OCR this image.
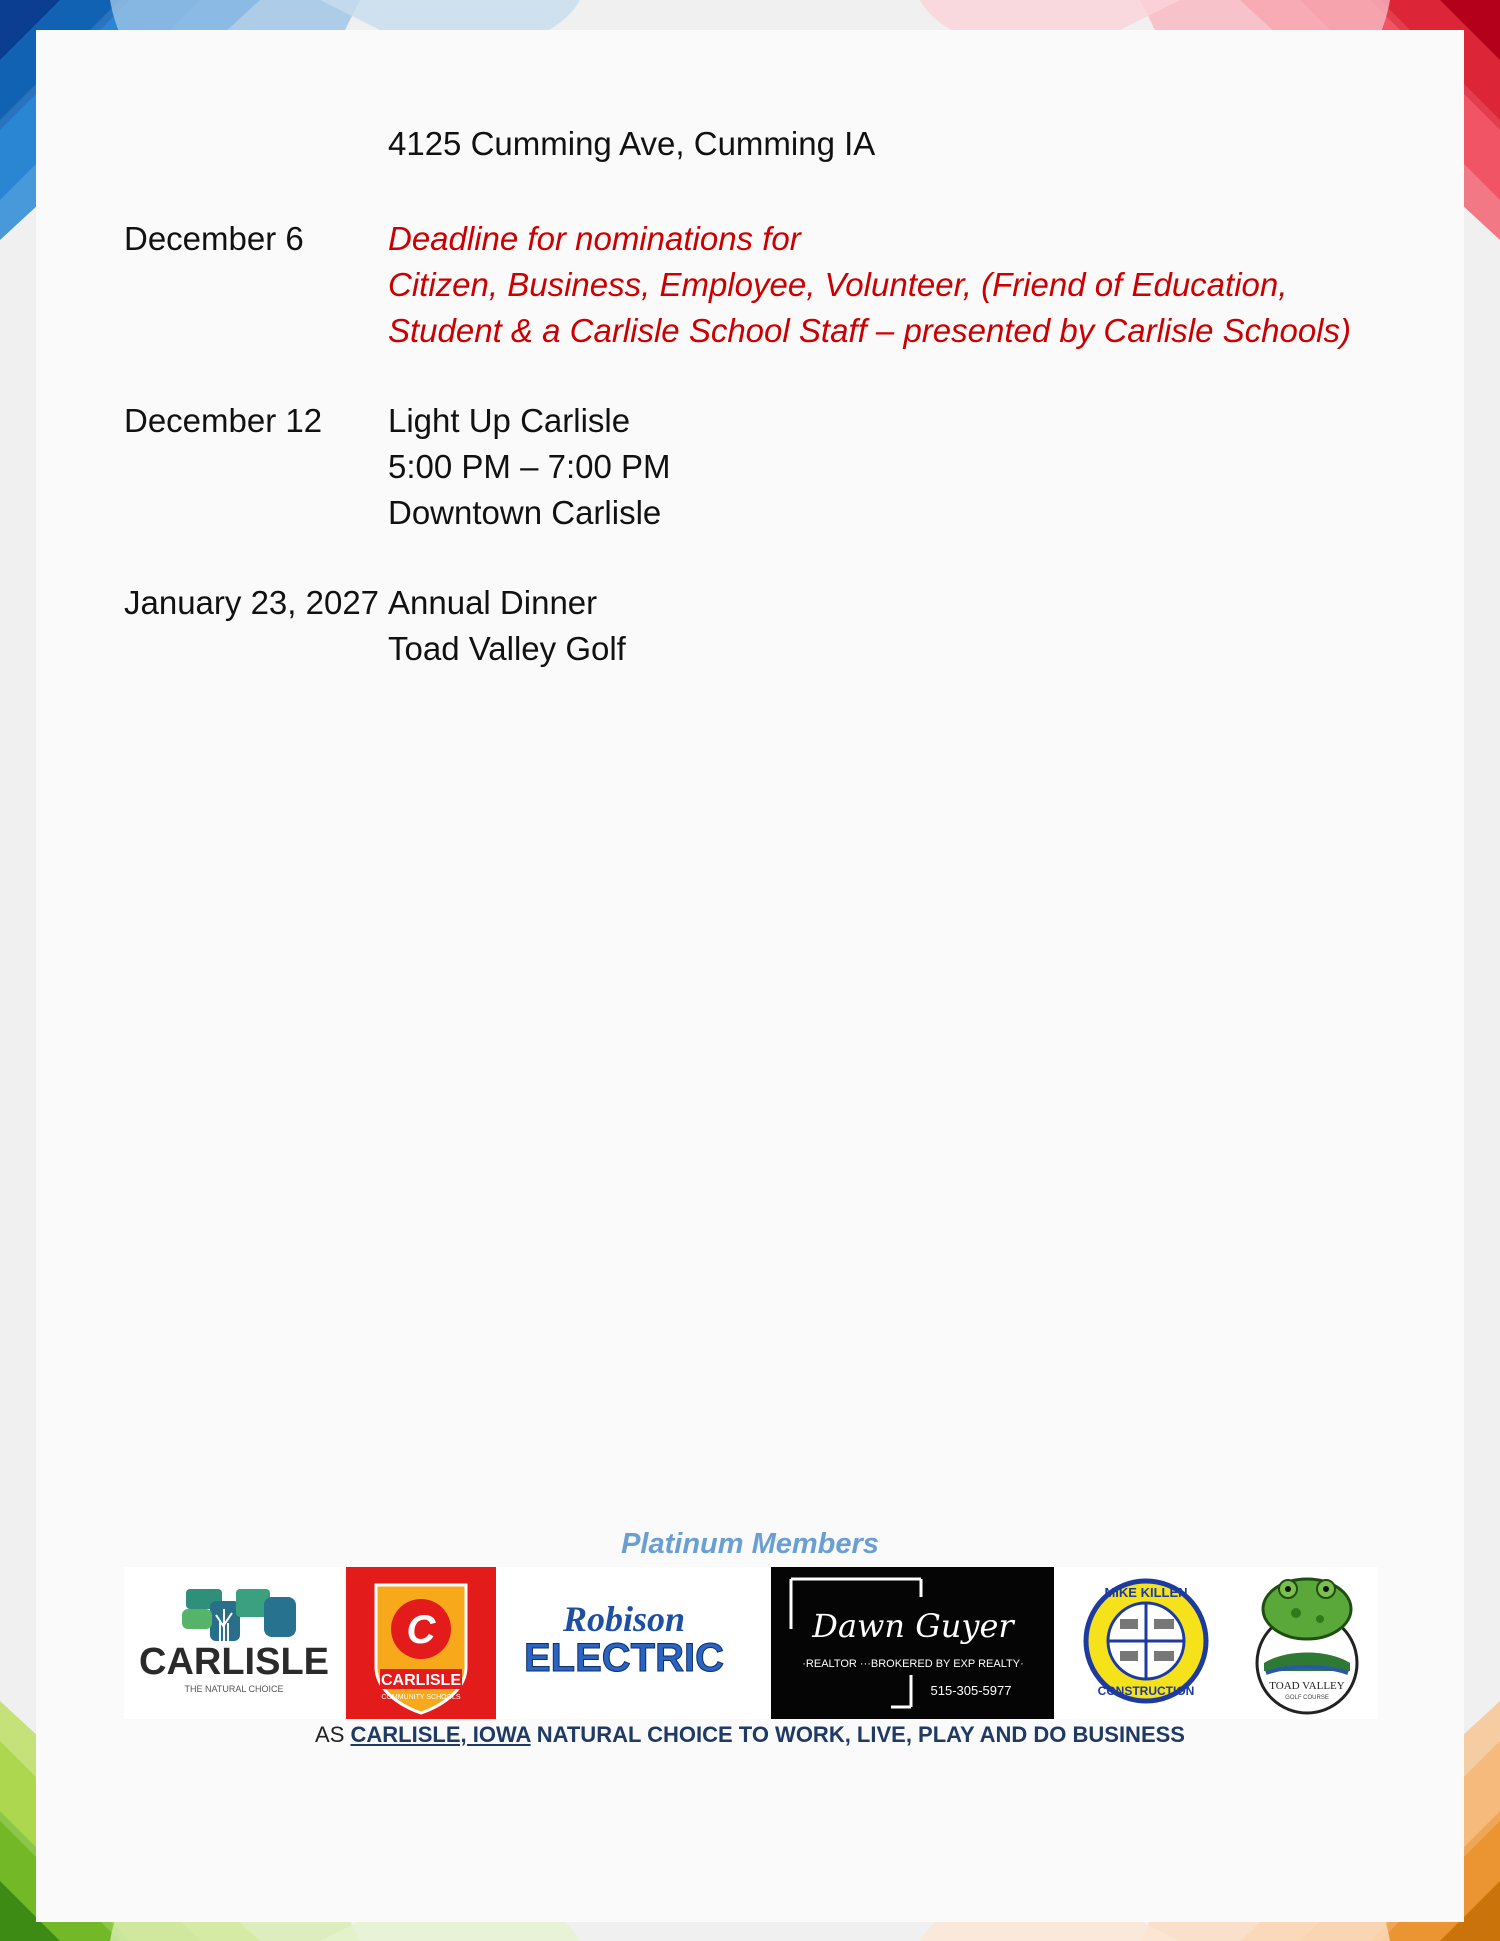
4125 Cumming Ave, Cumming IA
December 6	Deadline for nominations for
Citizen, Business, Employee, Volunteer, (Friend of Education,
Student & a Carlisle School Staff – presented by Carlisle Schools)
December 12	Light Up Carlisle
5:00 PM – 7:00 PM
Downtown Carlisle
January 23, 2027 Annual Dinner
Toad Valley Golf
Platinum Members
CARLISLE
THE NATURAL CHOICE
C
CARLISLE
COMMUNITY SCHOOLS
Robison
ELECTRIC
Dawn Guyer
·REALTOR ···BROKERED BY EXP REALTY·
515-305-5977
MIKE KILLEN
CONSTRUCTION	TOAD VALLEY
GOLF COURSE
AS CARLISLE, IOWA NATURAL CHOICE TO WORK, LIVE, PLAY AND DO BUSINESS
